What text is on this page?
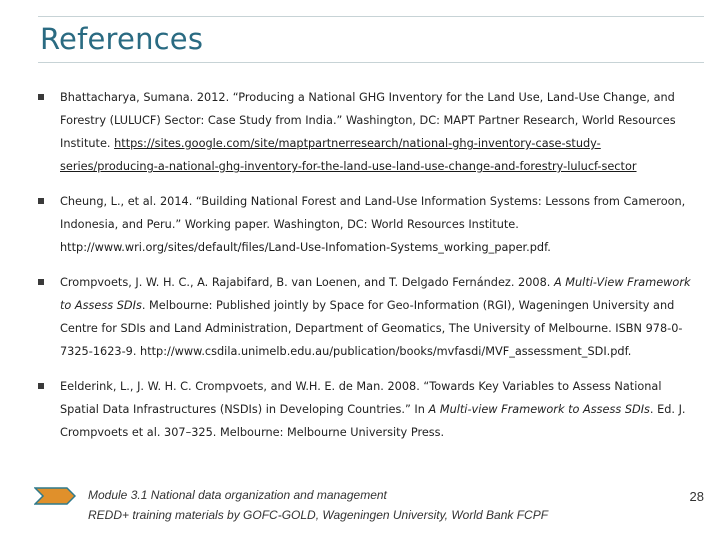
References
Bhattacharya, Sumana. 2012. “Producing a National GHG Inventory for the Land Use, Land-Use Change, and Forestry (LULUCF) Sector: Case Study from India.” Washington, DC: MAPT Partner Research, World Resources Institute. https://sites.google.com/site/maptpartnerresearch/national-ghg-inventory-case-study-series/producing-a-national-ghg-inventory-for-the-land-use-land-use-change-and-forestry-lulucf-sector
Cheung, L., et al. 2014. “Building National Forest and Land-Use Information Systems: Lessons from Cameroon, Indonesia, and Peru.” Working paper. Washington, DC: World Resources Institute. http://www.wri.org/sites/default/files/Land-Use-Infomation-Systems_working_paper.pdf.
Crompvoets, J. W. H. C., A. Rajabifard, B. van Loenen, and T. Delgado Fernández. 2008. A Multi-View Framework to Assess SDIs. Melbourne: Published jointly by Space for Geo-Information (RGI), Wageningen University and Centre for SDIs and Land Administration, Department of Geomatics, The University of Melbourne. ISBN 978-0-7325-1623-9. http://www.csdila.unimelb.edu.au/publication/books/mvfasdi/MVF_assessment_SDI.pdf.
Eelderink, L., J. W. H. C. Crompvoets, and W.H. E. de Man. 2008. “Towards Key Variables to Assess National Spatial Data Infrastructures (NSDIs) in Developing Countries.” In A Multi-view Framework to Assess SDIs. Ed. J. Crompvoets et al. 307–325. Melbourne: Melbourne University Press.
Module 3.1 National data organization and management
REDD+ training materials by GOFC-GOLD, Wageningen University, World Bank FCPF
28
